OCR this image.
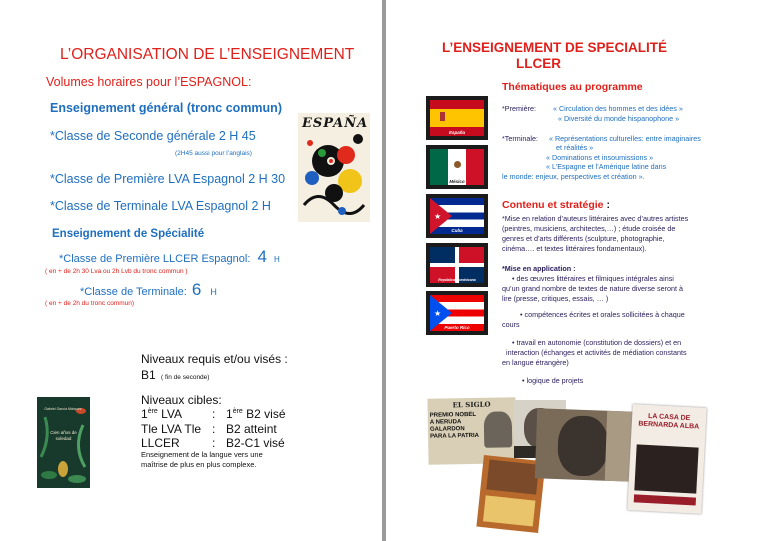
L’ORGANISATION DE L’ENSEIGNEMENT
Volumes horaires pour l’ESPAGNOL:
Enseignement général (tronc commun)
*Classe de Seconde générale 2 H 45
(2H45 aussi pour l’anglais)
*Classe de Première LVA Espagnol 2 H 30
*Classe de Terminale LVA Espagnol 2 H
Enseignement de Spécialité
*Classe de Première LLCER Espagnol: 4 H
( en + de 2h 30 Lva ou 2h Lvb du tronc commun )
*Classe de Terminale: 6 H
( en + de 2h du tronc commun)
Niveaux requis et/ou visés :
B1 ( fin de seconde)
Niveaux cibles:
1ère LVA : 1ère B2 visé
Tle LVA Tle : B2 atteint
LLCER	: B2-C1 visé
Enseignement de la langue vers une
maîtrise de plus en plus complexe.
ESPAÑA
Gabriel García Márquez
Cien años de soledad
L’ENSEIGNEMENT DE SPECIALITÉ
LLCER
Thématiques au programme
*Première: « Circulation des hommes et des idées »
« Diversité du monde hispanophone »
*Terminale: « Représentations culturelles: entre imaginaires
et réalités »
« Dominations et insoumissions »
« L’Espagne et l’Amérique latine dans
le monde: enjeux, perspectives et création ».
Contenu et stratégie :
*Mise en relation d’auteurs littéraires avec d’autres artistes
(peintres, musiciens, architectes,…) ; étude croisée de
genres et d’arts différents (sculpture, photographie,
cinéma…. et textes littéraires fondamentaux).
*Mise en application :
• des œuvres littéraires et filmiques intégrales ainsi
qu’un grand nombre de textes de nature diverse seront à
lire (presse, critiques, essais, … )
• compétences écrites et orales sollicitées à chaque
cours
• travail en autonomie (constitution de dossiers) et en
interaction (échanges et activités de médiation constants
en langue étrangère)
• logique de projets
España
México
★
Cuba
República Dominicana
★
Puerto Rico
EL SIGLO
PREMIO NOBEL A NERUDA GALARDON PARA LA PATRIA
LA CASA DE BERNARDA ALBA
